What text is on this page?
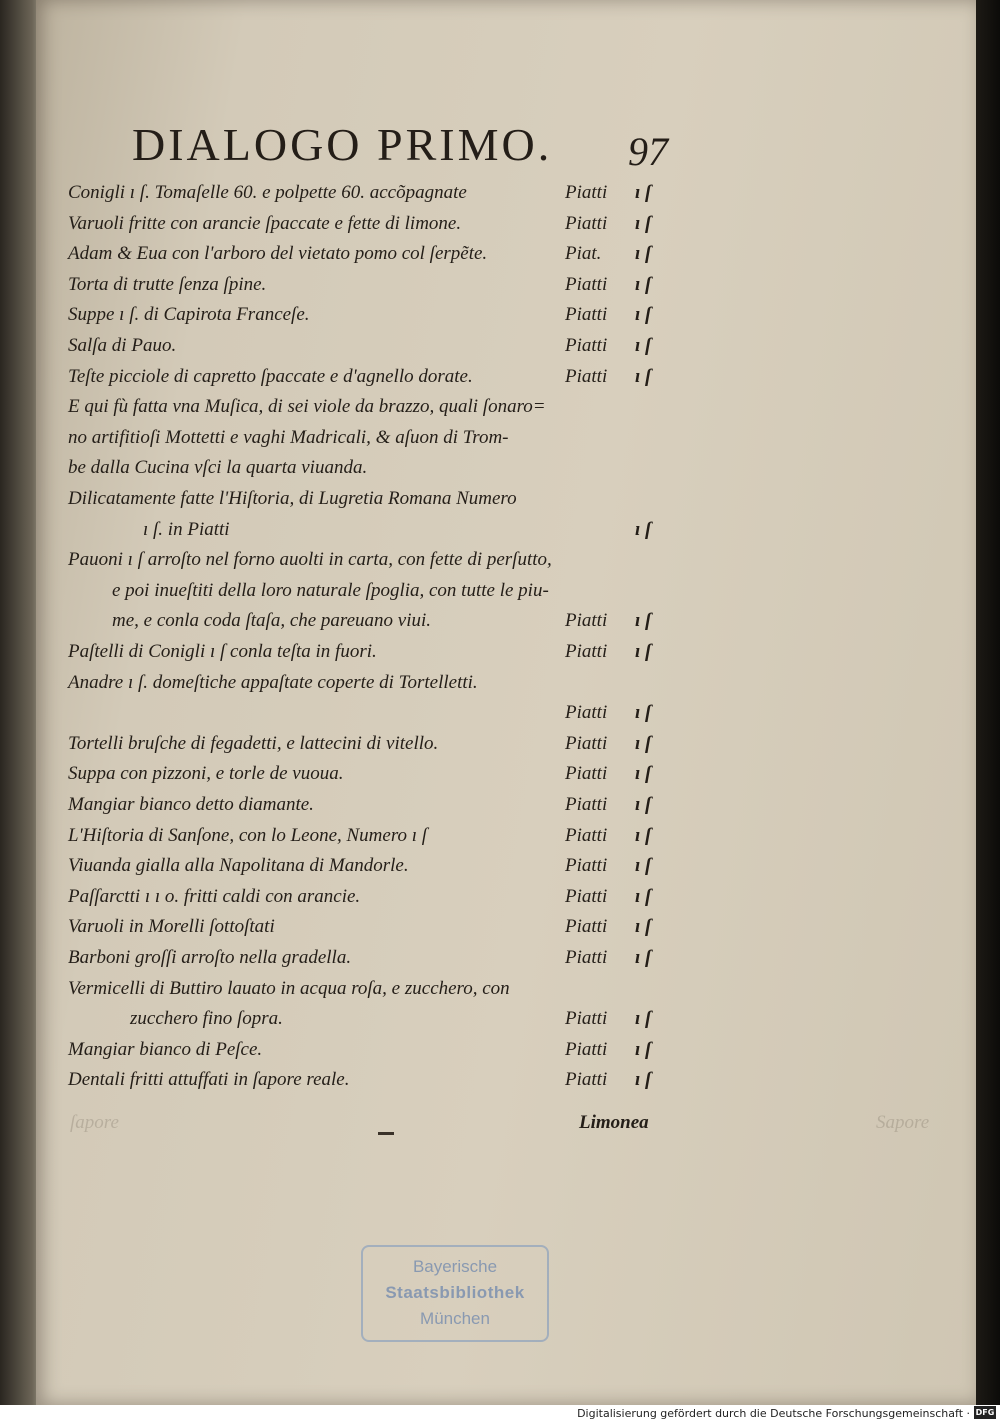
DIALOGO PRIMO. 97
Conigli ı ſ. Tomaſelle 60. e polpette 60. accõpagnate	Piatti ı ſ
Varuoli fritte con arancie ſpaccate e fette di limone.	Piatti ı ſ
Adam & Eua con l'arboro del vietato pomo col ſerpẽte.	Piat. ı ſ
Torta di trutte ſenza ſpine.	Piatti ı ſ
Suppe ı ſ. di Capirota Franceſe.	Piatti ı ſ
Salſa di Pauo.	Piatti ı ſ
Teſte picciole di capretto ſpaccate e d'agnello dorate.	Piatti ı ſ
E qui fù fatta vna Muſica, di sei viole da brazzo, quali ſonaro=
no artifitioſi Mottetti e vaghi Madricali, & aſuon di Trom-
be dalla Cucina vſci la quarta viuanda.
Dilicatamente fatte l'Hiſtoria, di Lugretia Romana Numero
ı ſ. in Piatti	ı ſ
Pauoni ı ſ arroſto nel forno auolti in carta, con fette di perſutto,
e poi inueſtiti della loro naturale ſpoglia, con tutte le piu-
me, e conla coda ſtaſa, che pareuano viui.	Piatti ı ſ
Paſtelli di Conigli ı ſ conla teſta in fuori.	Piatti ı ſ
Anadre ı ſ. domeſtiche appaſtate coperte di Tortelletti.
Piatti ı ſ
Tortelli bruſche di fegadetti, e lattecini di vitello.	Piatti ı ſ
Suppa con pizzoni, e torle de vuoua.	Piatti ı ſ
Mangiar bianco detto diamante.	Piatti ı ſ
L'Hiſtoria di Sanſone, con lo Leone, Numero ı ſ	Piatti ı ſ
Viuanda gialla alla Napolitana di Mandorle.	Piatti ı ſ
Paſſarctti ı ı o. fritti caldi con arancie.	Piatti ı ſ
Varuoli in Morelli ſottoſtati	Piatti ı ſ
Barboni groſſi arroſto nella gradella.	Piatti ı ſ
Vermicelli di Buttiro lauato in acqua roſa, e zucchero, con
zucchero fino ſopra.	Piatti ı ſ
Mangiar bianco di Peſce.	Piatti ı ſ
Dentali fritti attuffati in ſapore reale.	Piatti ı ſ
ſapore	Sapore
Limonea
Bayerische
Staatsbibliothek
München
Digitalisierung gefördert durch die Deutsche Forschungsgemeinschaft · DFG
